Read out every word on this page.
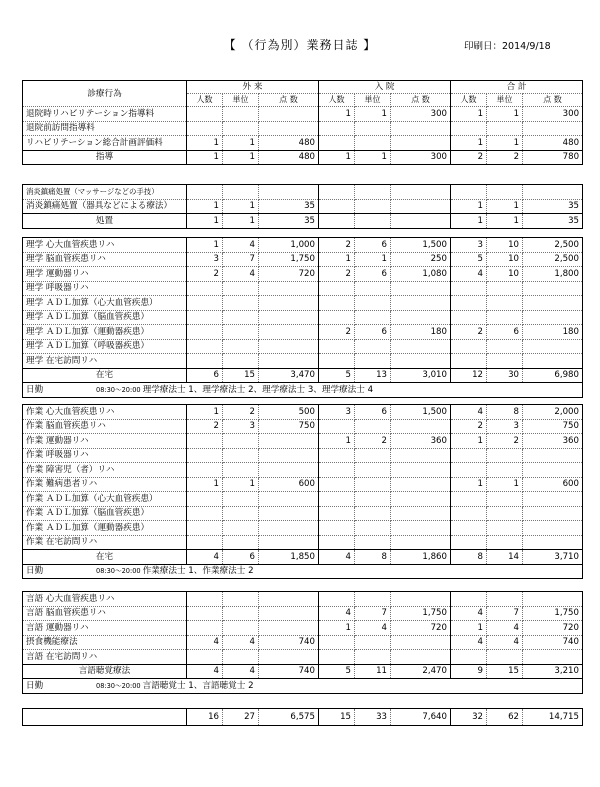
【 （行為別）業務日誌 】	印刷日：2014/9/18
診療行為	外 来			入 院			合 計		
	人数	単位	点 数	人数	単位	点 数	人数	単位	点 数
退院時リハビリテーション指導料				1	1	300	1	1	300
退院前訪問指導料									
リハビリテーション総合計画評価料	1	1	480				1	1	480
指導	1	1	480	1	1	300	2	2	780
消炎鎮痛処置（マッサージなどの手技）									
消炎鎮痛処置（器具などによる療法）	1	1	35				1	1	35
処置	1	1	35				1	1	35
理学 心大血管疾患リハ	1	4	1,000	2	6	1,500	3	10	2,500
理学 脳血管疾患リハ	3	7	1,750	1	1	250	5	10	2,500
理学 運動器リハ	2	4	720	2	6	1,080	4	10	1,800
理学 呼吸器リハ									
理学 ＡＤＬ加算（心大血管疾患）									
理学 ＡＤＬ加算（脳血管疾患）									
理学 ＡＤＬ加算（運動器疾患）				2	6	180	2	6	180
理学 ＡＤＬ加算（呼吸器疾患）									
理学 在宅訪問リハ									
在宅	6	15	3,470	5	13	3,010	12	30	6,980

日勤 08:30～20:00 理学療法士 1、理学療法士 2、理学療法士 3、理学療法士 4									
作業 心大血管疾患リハ	1	2	500	3	6	1,500	4	8	2,000
作業 脳血管疾患リハ	2	3	750				2	3	750
作業 運動器リハ				1	2	360	1	2	360
作業 呼吸器リハ									
作業 障害児（者）リハ									
作業 難病患者リハ	1	1	600				1	1	600
作業 ＡＤＬ加算（心大血管疾患）									
作業 ＡＤＬ加算（脳血管疾患）									
作業 ＡＤＬ加算（運動器疾患）									
作業 在宅訪問リハ									
在宅	4	6	1,850	4	8	1,860	8	14	3,710

日勤 08:30～20:00 作業療法士 1、作業療法士 2									
言語 心大血管疾患リハ									
言語 脳血管疾患リハ				4	7	1,750	4	7	1,750
言語 運動器リハ				1	4	720	1	4	720
摂食機能療法	4	4	740				4	4	740
言語 在宅訪問リハ									
言語聴覚療法	4	4	740	5	11	2,470	9	15	3,210

日勤 08:30～20:00 言語聴覚士 1、言語聴覚士 2									
	16	27	6,575	15	33	7,640	32	62	14,715
